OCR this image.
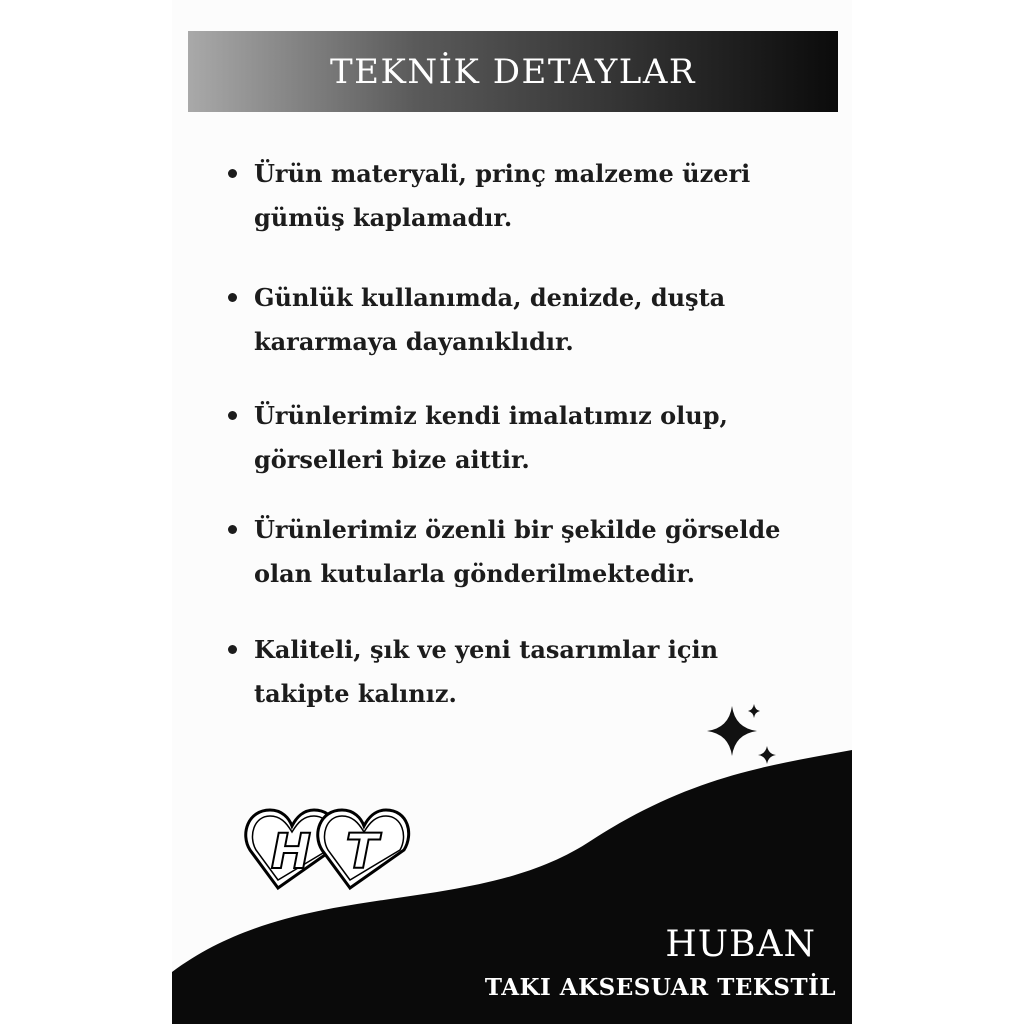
TEKNİK DETAYLAR
Ürün materyali, prinç malzeme üzeri
gümüş kaplamadır.
Günlük kullanımda, denizde, duşta
kararmaya dayanıklıdır.
Ürünlerimiz kendi imalatımız olup,
görselleri bize aittir.
Ürünlerimiz özenli bir şekilde görselde
olan kutularla gönderilmektedir.
Kaliteli, şık ve yeni tasarımlar için
takipte kalınız.
H T
HUBAN
TAKI AKSESUAR TEKSTİL
